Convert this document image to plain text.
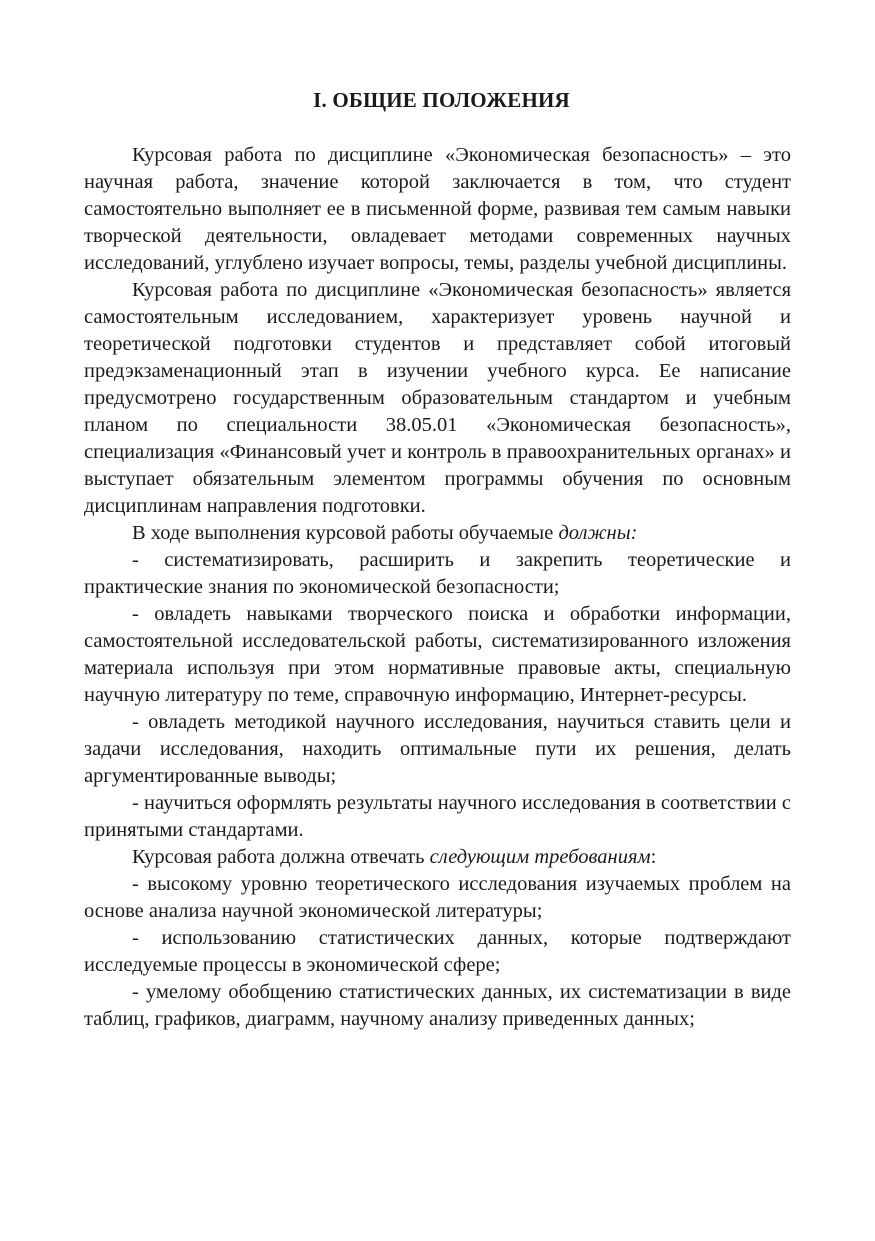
I. ОБЩИЕ ПОЛОЖЕНИЯ

Курсовая работа по дисциплине «Экономическая безопасность» – это научная работа, значение которой заключается в том, что студент самостоятельно выполняет ее в письменной форме, развивая тем самым навыки творческой деятельности, овладевает методами современных научных исследований, углублено изучает вопросы, темы, разделы учебной дисциплины.

Курсовая работа по дисциплине «Экономическая безопасность» является самостоятельным исследованием, характеризует уровень научной и теоретической подготовки студентов и представляет собой итоговый предэкзаменационный этап в изучении учебного курса. Ее написание предусмотрено государственным образовательным стандартом и учебным планом по специальности 38.05.01 «Экономическая безопасность», специализация «Финансовый учет и контроль в правоохранительных органах» и выступает обязательным элементом программы обучения по основным дисциплинам направления подготовки.

В ходе выполнения курсовой работы обучаемые должны:

- систематизировать, расширить и закрепить теоретические и практические знания по экономической безопасности;

- овладеть навыками творческого поиска и обработки информации, самостоятельной исследовательской работы, систематизированного изложения материала используя при этом нормативные правовые акты, специальную научную литературу по теме, справочную информацию, Интернет-ресурсы.

- овладеть методикой научного исследования, научиться ставить цели и задачи исследования, находить оптимальные пути их решения, делать аргументированные выводы;

- научиться оформлять результаты научного исследования в соответствии с принятыми стандартами.

Курсовая работа должна отвечать следующим требованиям:

- высокому уровню теоретического исследования изучаемых проблем на основе анализа научной экономической литературы;

- использованию статистических данных, которые подтверждают исследуемые процессы в экономической сфере;

- умелому обобщению статистических данных, их систематизации в виде таблиц, графиков, диаграмм, научному анализу приведенных данных;
